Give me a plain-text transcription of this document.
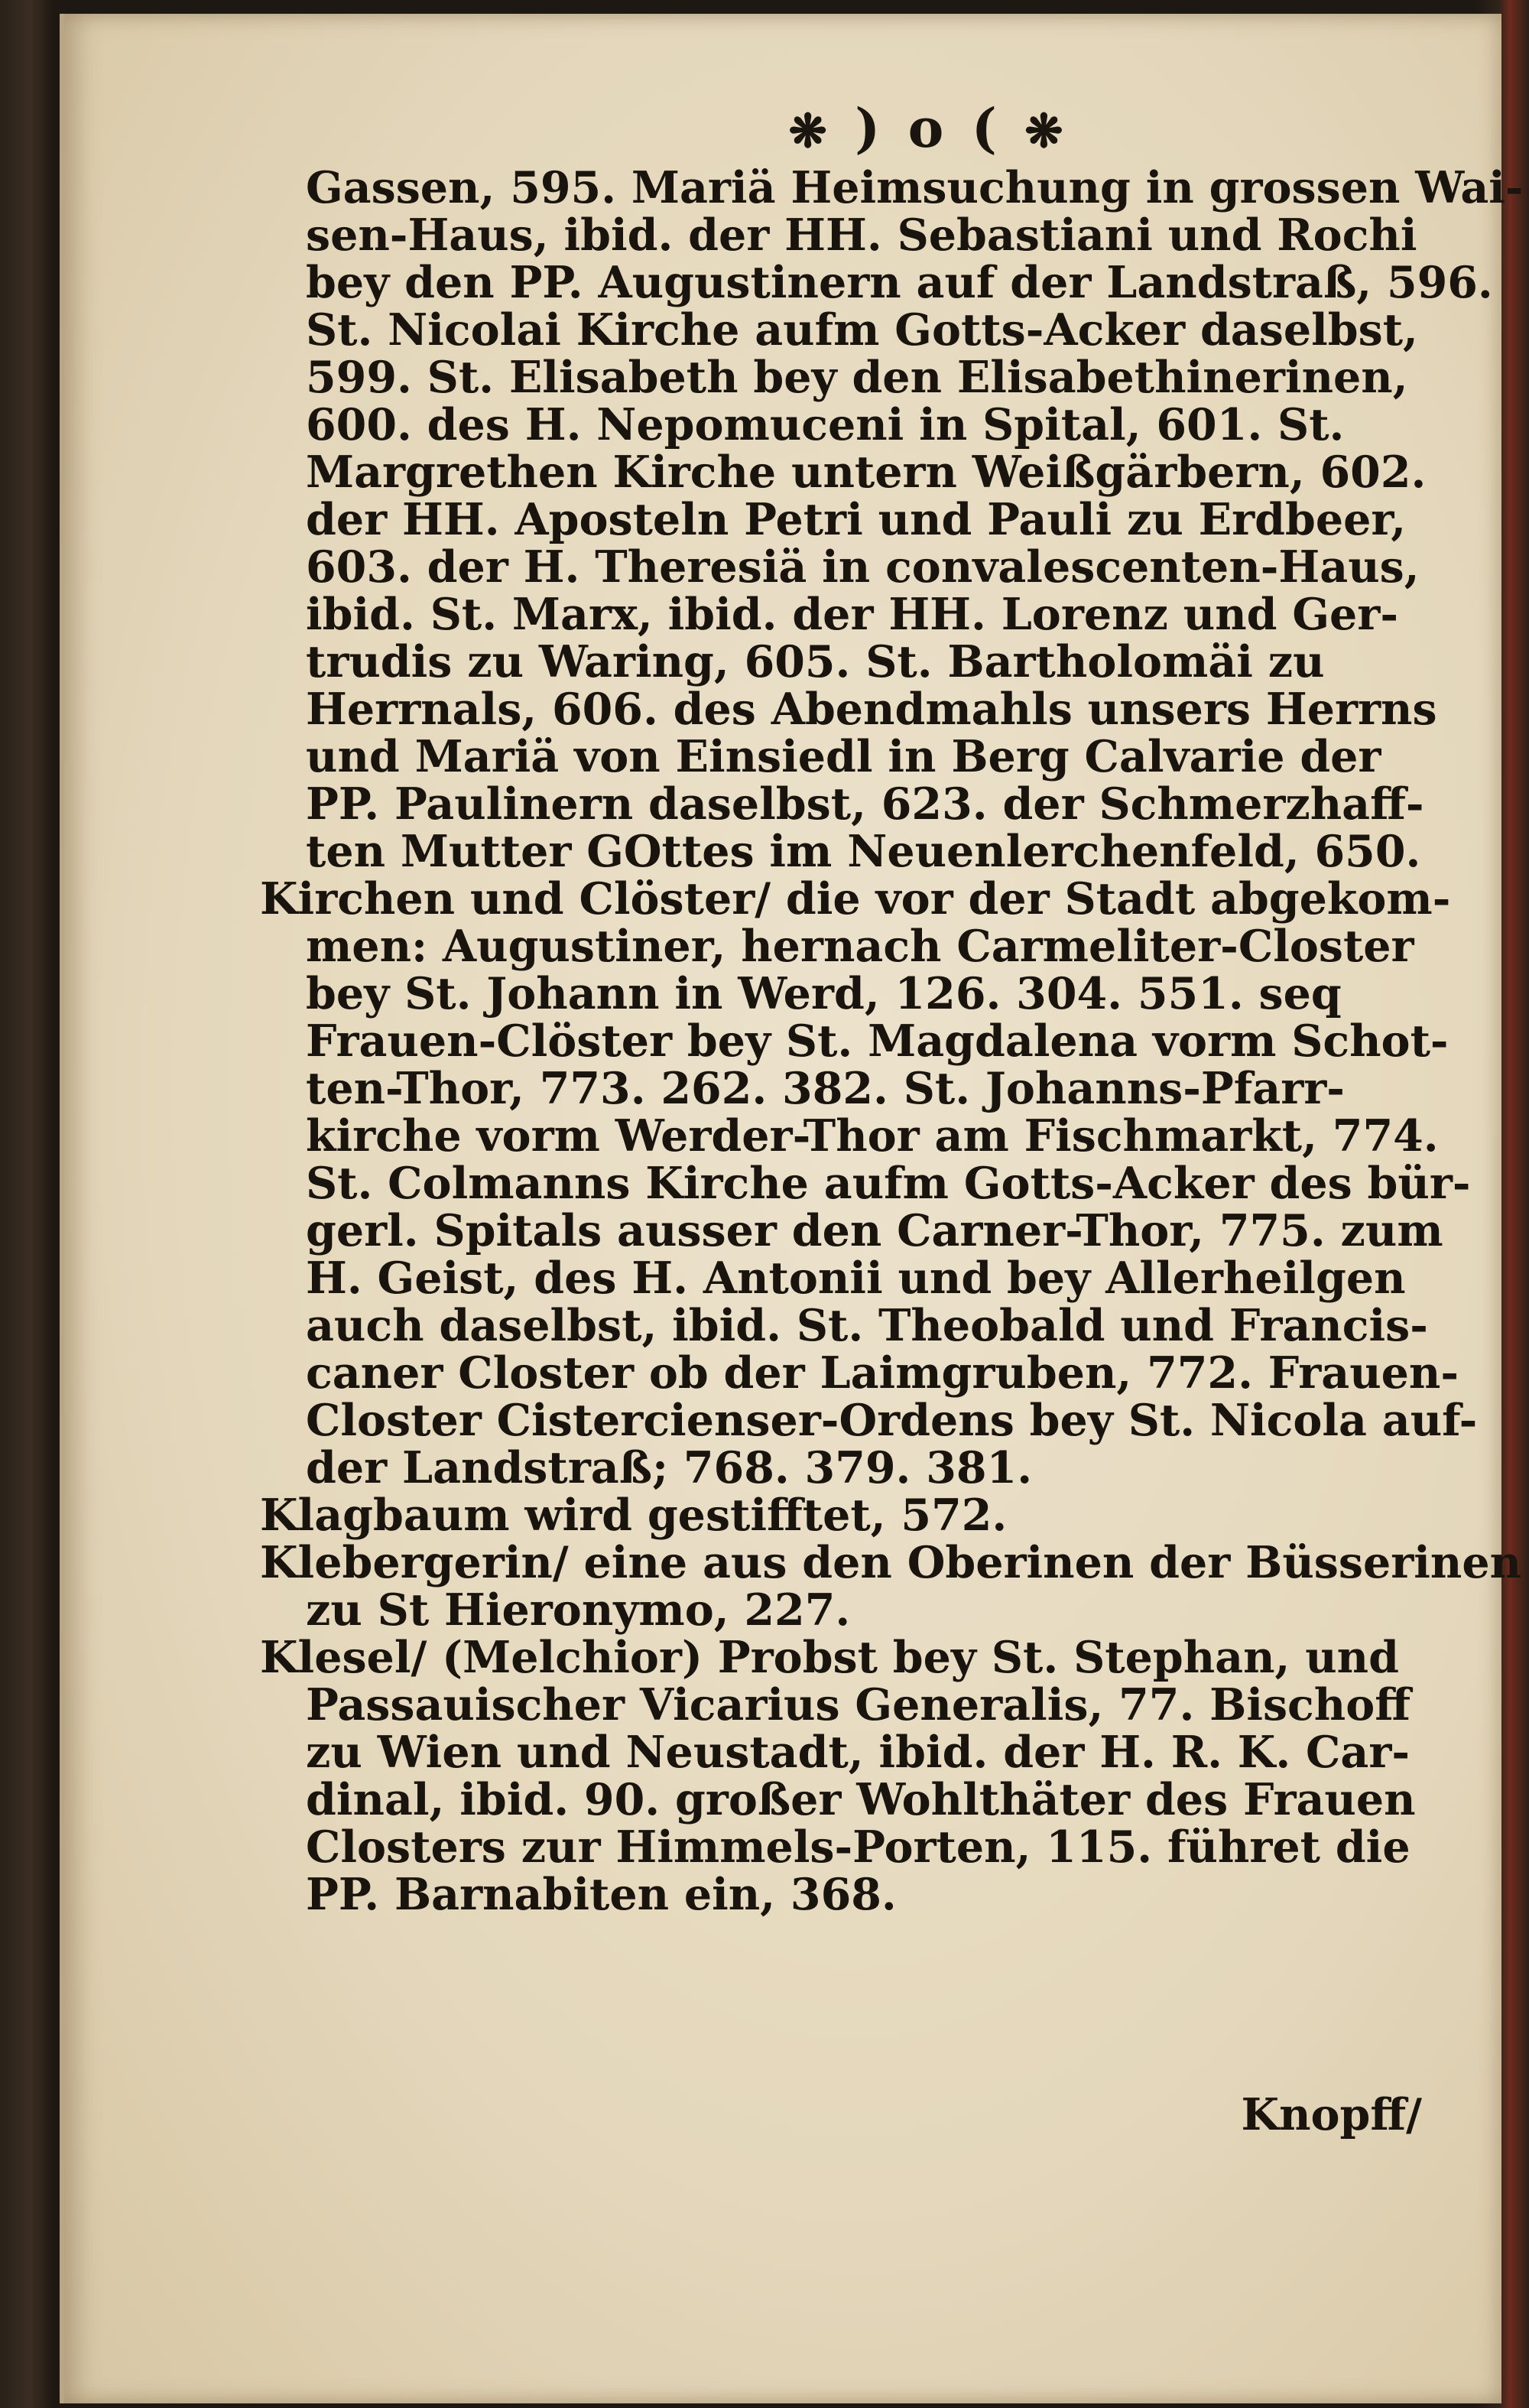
❋ ) o ( ❋
Gassen, 595. Mariä Heimsuchung in grossen Wai-
sen-Haus, ibid. der HH. Sebastiani und Rochi
bey den PP. Augustinern auf der Landstraß, 596.
St. Nicolai Kirche aufm Gotts-Acker daselbst,
599. St. Elisabeth bey den Elisabethinerinen,
600. des H. Nepomuceni in Spital, 601. St.
Margrethen Kirche untern Weißgärbern, 602.
der HH. Aposteln Petri und Pauli zu Erdbeer,
603. der H. Theresiä in convalescenten-Haus,
ibid. St. Marx, ibid. der HH. Lorenz und Ger-
trudis zu Waring, 605. St. Bartholomäi zu
Herrnals, 606. des Abendmahls unsers Herrns
und Mariä von Einsiedl in Berg Calvarie der
PP. Paulinern daselbst, 623. der Schmerzhaff-
ten Mutter GOttes im Neuenlerchenfeld, 650.
Kirchen und Clöster/ die vor der Stadt abgekom-
men: Augustiner, hernach Carmeliter-Closter
bey St. Johann in Werd, 126. 304. 551. seq
Frauen-Clöster bey St. Magdalena vorm Schot-
ten-Thor, 773. 262. 382. St. Johanns-Pfarr-
kirche vorm Werder-Thor am Fischmarkt, 774.
St. Colmanns Kirche aufm Gotts-Acker des bür-
gerl. Spitals ausser den Carner-Thor, 775. zum
H. Geist, des H. Antonii und bey Allerheilgen
auch daselbst, ibid. St. Theobald und Francis-
caner Closter ob der Laimgruben, 772. Frauen-
Closter Cistercienser-Ordens bey St. Nicola auf-
der Landstraß; 768. 379. 381.
Klagbaum wird gestifftet, 572.
Klebergerin/ eine aus den Oberinen der Büsserinen
zu St Hieronymo, 227.
Klesel/ (Melchior) Probst bey St. Stephan, und
Passauischer Vicarius Generalis, 77. Bischoff
zu Wien und Neustadt, ibid. der H. R. K. Car-
dinal, ibid. 90. großer Wohlthäter des Frauen
Closters zur Himmels-Porten, 115. führet die
PP. Barnabiten ein, 368.
Knopff/
